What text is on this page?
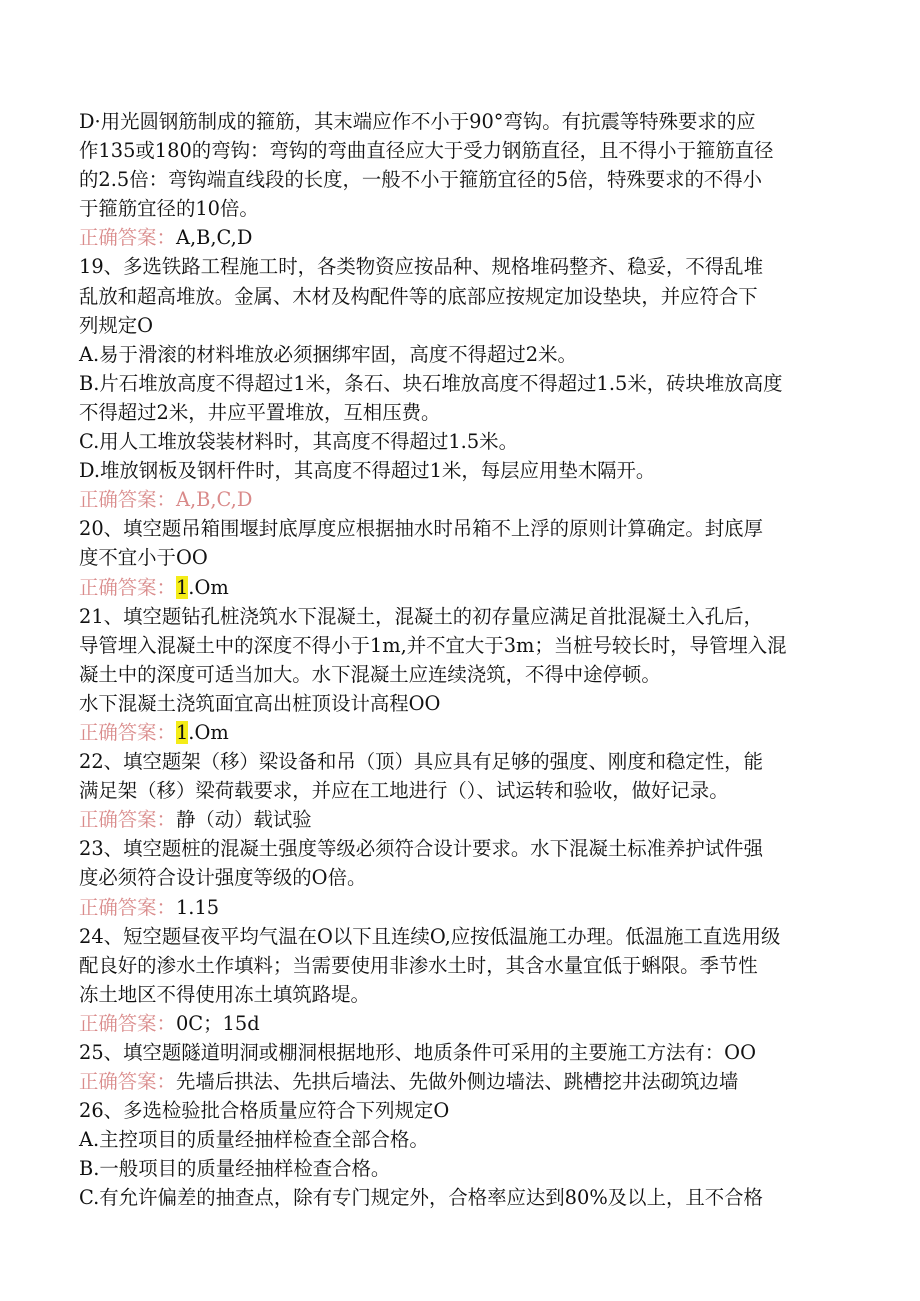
D·用光圆钢筋制成的箍筋，其末端应作不小于90°弯钩。有抗震等特殊要求的应
作135或180的弯钩：弯钩的弯曲直径应大于受力钢筋直径，且不得小于箍筋直径
的2.5倍：弯钩端直线段的长度，一般不小于箍筋宜径的5倍，特殊要求的不得小
于箍筋宜径的10倍。
正确答案：A,B,C,D
19、多选铁路工程施工时，各类物资应按品种、规格堆码整齐、稳妥，不得乱堆
乱放和超高堆放。金属、木材及构配件等的底部应按规定加设垫块，并应符合下
列规定O
A.易于滑滚的材料堆放必须捆绑牢固，高度不得超过2米。
B.片石堆放高度不得超过1米，条石、块石堆放高度不得超过1.5米，砖块堆放高度
不得超过2米，井应平置堆放，互相压费。
C.用人工堆放袋装材料时，其高度不得超过1.5米。
D.堆放钢板及钢杆件时，其高度不得超过1米，每层应用垫木隔开。
正确答案：A,B,C,D
20、填空题吊箱围堰封底厚度应根据抽水时吊箱不上浮的原则计算确定。封底厚
度不宜小于OO
正确答案：1.Om
21、填空题钻孔桩浇筑水下混凝土，混凝土的初存量应满足首批混凝土入孔后，
导管埋入混凝土中的深度不得小于1m,并不宜大于3m；当桩号较长时，导管埋入混
凝土中的深度可适当加大。水下混凝土应连续浇筑，不得中途停顿。
水下混凝土浇筑面宜高出桩顶设计高程OO
正确答案：1.Om
22、填空题架（移）梁设备和吊（顶）具应具有足够的强度、刚度和稳定性，能
满足架（移）梁荷载要求，并应在工地进行（）、试运转和验收，做好记录。
正确答案：静（动）载试验
23、填空题桩的混凝土强度等级必须符合设计要求。水下混凝土标准养护试件强
度必须符合设计强度等级的O倍。
正确答案：1.15
24、短空题昼夜平均气温在O以下且连续O,应按低温施工办理。低温施工直选用级
配良好的渗水土作填料；当需要使用非渗水土时，其含水量宜低于蝌限。季节性
冻土地区不得使用冻土填筑路堤。
正确答案：0C；15d
25、填空题隧道明洞或棚洞根据地形、地质条件可采用的主要施工方法有：OO
正确答案：先墙后拱法、先拱后墙法、先做外侧边墙法、跳槽挖井法砌筑边墙
26、多选检验批合格质量应符合下列规定O
A.主控项目的质量经抽样检查全部合格。
B.一般项目的质量经抽样检查合格。
C.有允许偏差的抽查点，除有专门规定外，合格率应达到80%及以上，且不合格
